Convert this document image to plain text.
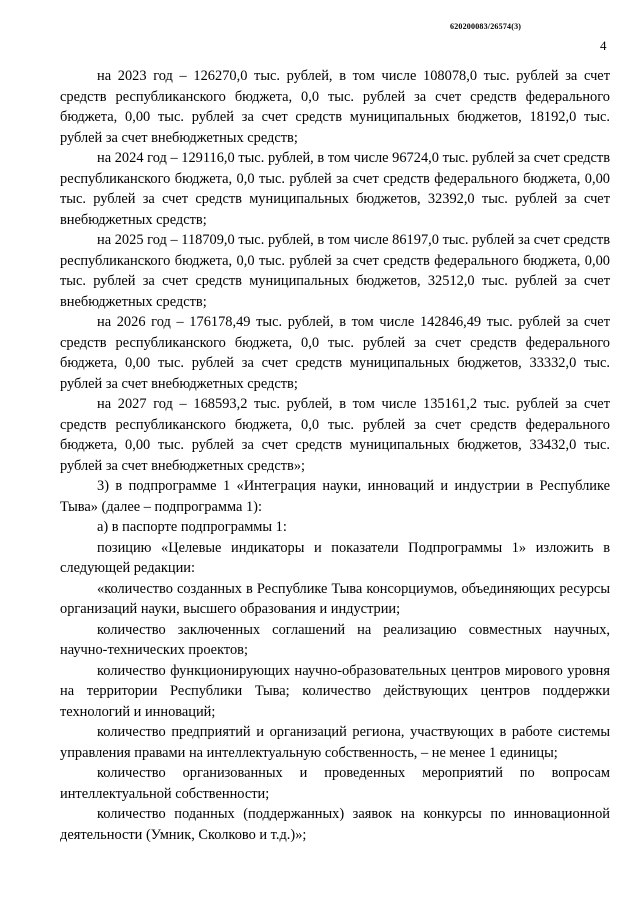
620200083/26574(3)
4

на 2023 год – 126270,0 тыс. рублей, в том числе 108078,0 тыс. рублей за счет средств республиканского бюджета, 0,0 тыс. рублей за счет средств федерального бюджета, 0,00 тыс. рублей за счет средств муниципальных бюджетов, 18192,0 тыс. рублей за счет внебюджетных средств;

на 2024 год – 129116,0 тыс. рублей, в том числе 96724,0 тыс. рублей за счет средств республиканского бюджета, 0,0 тыс. рублей за счет средств федерального бюджета, 0,00 тыс. рублей за счет средств муниципальных бюджетов, 32392,0 тыс. рублей за счет внебюджетных средств;

на 2025 год – 118709,0 тыс. рублей, в том числе 86197,0 тыс. рублей за счет средств республиканского бюджета, 0,0 тыс. рублей за счет средств федерального бюджета, 0,00 тыс. рублей за счет средств муниципальных бюджетов, 32512,0 тыс. рублей за счет внебюджетных средств;

на 2026 год – 176178,49 тыс. рублей, в том числе 142846,49 тыс. рублей за счет средств республиканского бюджета, 0,0 тыс. рублей за счет средств федерального бюджета, 0,00 тыс. рублей за счет средств муниципальных бюджетов, 33332,0 тыс. рублей за счет внебюджетных средств;

на 2027 год – 168593,2 тыс. рублей, в том числе 135161,2 тыс. рублей за счет средств республиканского бюджета, 0,0 тыс. рублей за счет средств федерального бюджета, 0,00 тыс. рублей за счет средств муниципальных бюджетов, 33432,0 тыс. рублей за счет внебюджетных средств»;

3) в подпрограмме 1 «Интеграция науки, инноваций и индустрии в Республике Тыва» (далее – подпрограмма 1):

а) в паспорте подпрограммы 1:

позицию «Целевые индикаторы и показатели Подпрограммы 1» изложить в следующей редакции:

«количество созданных в Республике Тыва консорциумов, объединяющих ресурсы организаций науки, высшего образования и индустрии;

количество заключенных соглашений на реализацию совместных научных, научно-технических проектов;

количество функционирующих научно-образовательных центров мирового уровня на территории Республики Тыва; количество действующих центров поддержки технологий и инноваций;

количество предприятий и организаций региона, участвующих в работе системы управления правами на интеллектуальную собственность, – не менее 1 единицы;

количество организованных и проведенных мероприятий по вопросам интеллектуальной собственности;

количество поданных (поддержанных) заявок на конкурсы по инновационной деятельности (Умник, Сколково и т.д.)»;
